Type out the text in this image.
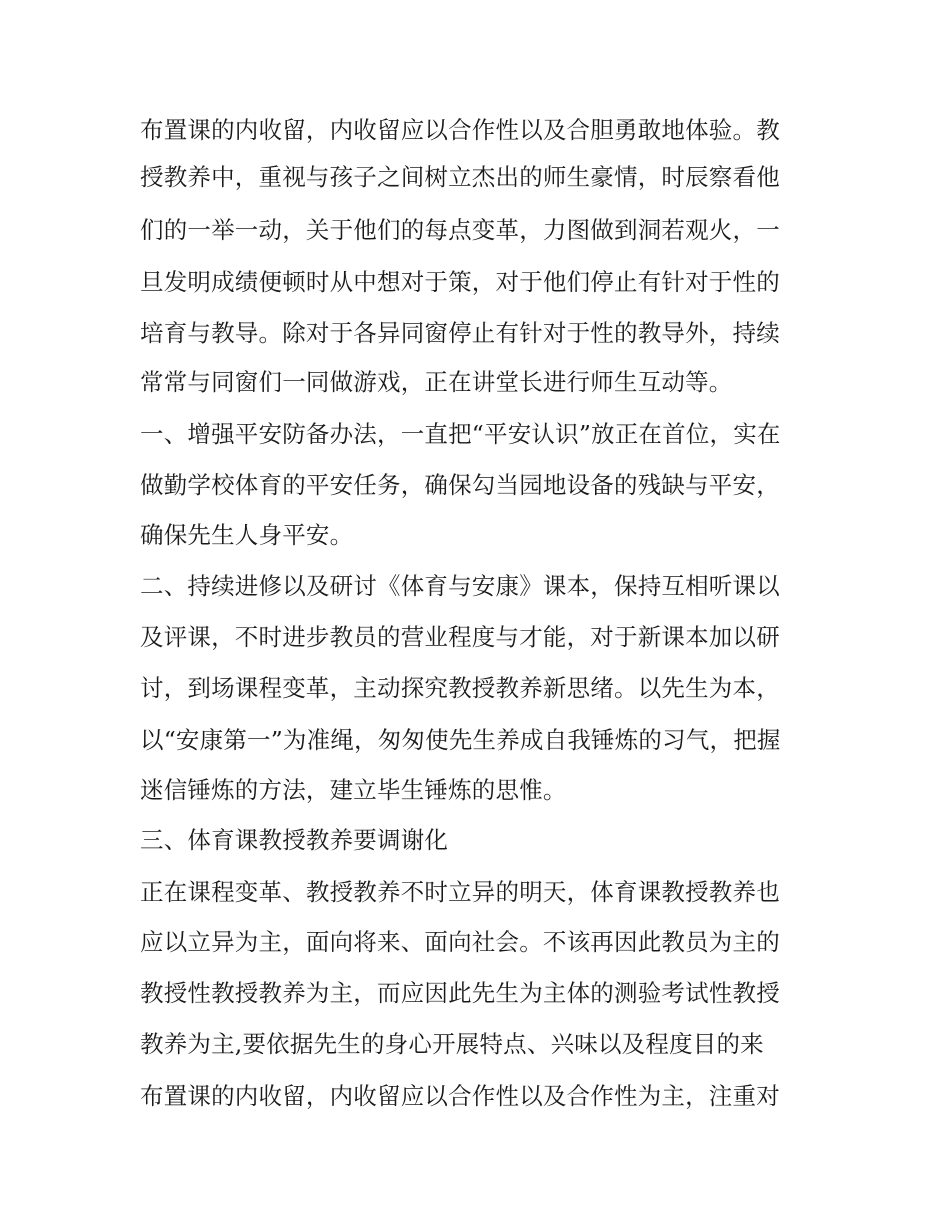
布置课的内收留，内收留应以合作性以及合胆勇敢地体验。教
授教养中，重视与孩子之间树立杰出的师生豪情，时辰察看他
们的一举一动，关于他们的每点变革，力图做到洞若观火，一
旦发明成绩便顿时从中想对于策，对于他们停止有针对于性的
培育与教导。除对于各异同窗停止有针对于性的教导外，持续
常常与同窗们一同做游戏，正在讲堂长进行师生互动等。
一、增强平安防备办法，一直把“平安认识”放正在首位，实在
做勤学校体育的平安任务，确保勾当园地设备的残缺与平安，
确保先生人身平安。
二、持续进修以及研讨《体育与安康》课本，保持互相听课以
及评课，不时进步教员的营业程度与才能，对于新课本加以研
讨，到场课程变革，主动探究教授教养新思绪。以先生为本，
以“安康第一”为准绳，匆匆使先生养成自我锤炼的习气，把握
迷信锤炼的方法，建立毕生锤炼的思惟。
三、体育课教授教养要调谢化
正在课程变革、教授教养不时立异的明天，体育课教授教养也
应以立异为主，面向将来、面向社会。不该再因此教员为主的
教授性教授教养为主，而应因此先生为主体的测验考试性教授
教养为主,要依据先生的身心开展特点、兴味以及程度目的来
布置课的内收留，内收留应以合作性以及合作性为主，注重对
